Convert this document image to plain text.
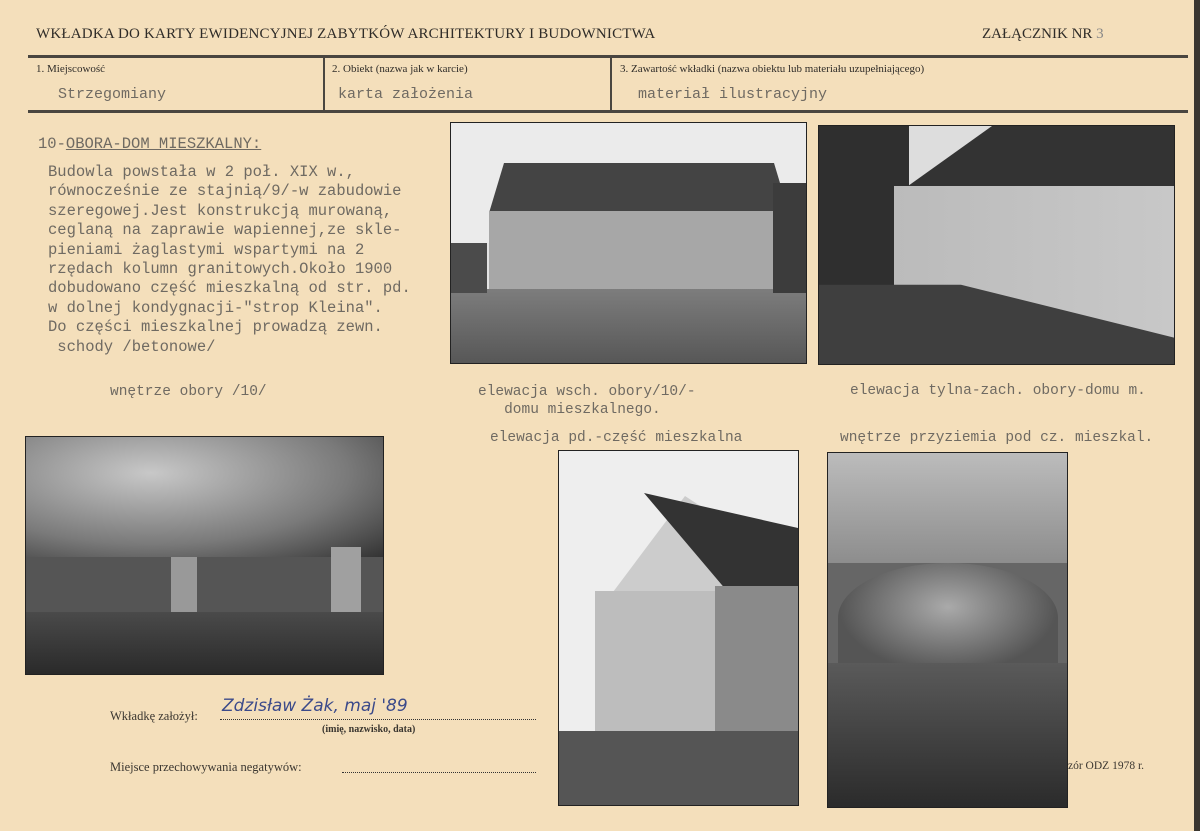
WKŁADKA DO KARTY EWIDENCYJNEJ ZABYTKÓW ARCHITEKTURY I BUDOWNICTWA	ZAŁĄCZNIK NR 3
1. Miejscowość
Strzegomiany
2. Obiekt (nazwa jak w karcie)
karta założenia
3. Zawartość wkładki (nazwa obiektu lub materiału uzupełniającego)
materiał ilustracyjny
10-OBORA-DOM MIESZKALNY:
Budowla powstała w 2 poł. XIX w.,
równocześnie ze stajnią/9/-w zabudowie
szeregowej.Jest konstrukcją murowaną,
ceglaną na zaprawie wapiennej,ze skle-
pieniami żaglastymi wspartymi na 2
rzędach kolumn granitowych.Około 1900
dobudowano część mieszkalną od str. pd.
w dolnej kondygnacji-"strop Kleina".
Do części mieszkalnej prowadzą zewn.
schody /betonowe/
wnętrze obory /10/	elewacja wsch. obory/10/-
domu mieszkalnego.
elewacja tylna-zach. obory-domu m.
elewacja pd.-część mieszkalna	wnętrze przyziemia pod cz. mieszkal.
Wkładkę założył: Zdzisław Żak, maj '89
(imię, nazwisko, data)
Miejsce przechowywania negatywów:	zór ODZ 1978 r.
